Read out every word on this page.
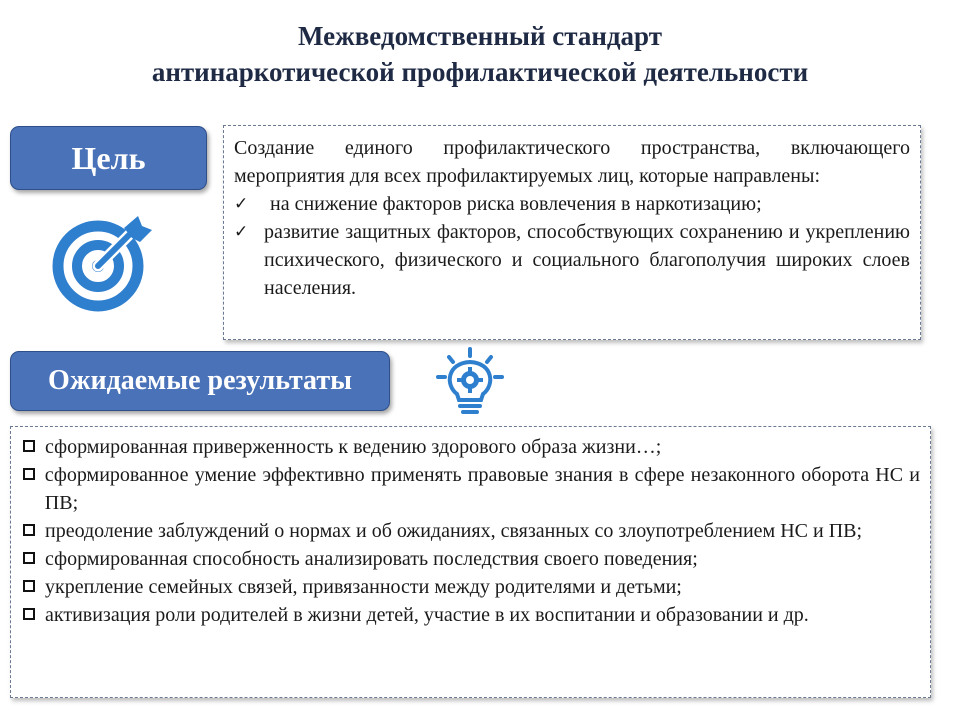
Межведомственный стандарт
антинаркотической профилактической деятельности
Цель	Создание единого профилактического пространства, включающего мероприятия для всех профилактируемых лиц, которые направлены:
✓	на снижение факторов риска вовлечения в наркотизацию;
✓ развитие защитных факторов, способствующих сохранению и укреплению психического, физического и социального благополучия широких слоев населения.
Ожидаемые результаты
сформированная приверженность к ведению здорового образа жизни…;
сформированное умение эффективно применять правовые знания в сфере незаконного оборота НС и ПВ;
преодоление заблуждений о нормах и об ожиданиях, связанных со злоупотреблением НС и ПВ;
сформированная способность анализировать последствия своего поведения;
укрепление семейных связей, привязанности между родителями и детьми;
активизация роли родителей в жизни детей, участие в их воспитании и образовании и др.
